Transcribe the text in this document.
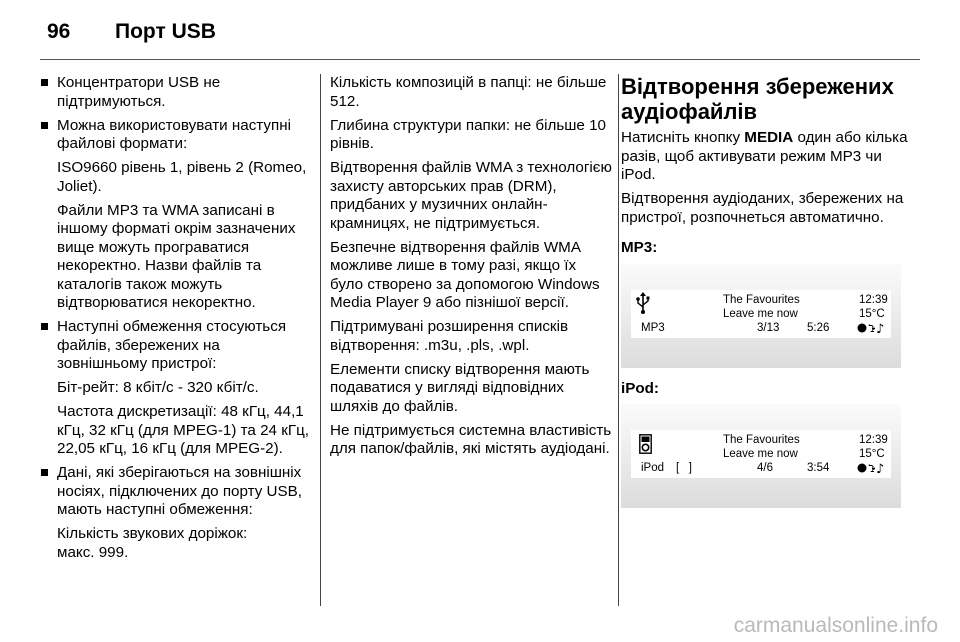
96 Порт USB
Концентратори USB не підтримуються.
Можна використовувати наступні файлові формати:

ISO9660 рівень 1, рівень 2 (Romeo, Joliet).

Файли MP3 та WMA записані в іншому форматі окрім зазначених вище можуть програватися некоректно. Назви файлів та каталогів також можуть відтворюватися некоректно.

Наступні обмеження стосуються файлів, збережених на зовнішньому пристрої:

Біт-рейт: 8 кбіт/с - 320 кбіт/с.

Частота дискретизації: 48 кГц, 44,1 кГц, 32 кГц (для MPEG-1) та 24 кГц, 22,05 кГц, 16 кГц (для MPEG-2).

Дані, які зберігаються на зовнішніх носіях, підключених до порту USB, мають наступні обмеження:

Кількість звукових доріжок:
макс. 999.

Кількість композицій в папці: не більше 512.

Глибина структури папки: не більше 10 рівнів.

Відтворення файлів WMA з технологією захисту авторських прав (DRM), придбаних у музичних онлайн-крамницях, не підтримується.

Безпечне відтворення файлів WMA можливе лише в тому разі, якщо їх було створено за допомогою Windows Media Player 9 або пізнішої версії.

Підтримувані розширення списків
відтворення: .m3u, .pls, .wpl.

Елементи списку відтворення мають подаватися у вигляді відповідних шляхів до файлів.

Не підтримується системна властивість для папок/файлів, які містять аудіодані.

Відтворення збережених аудіофайлів

Натисніть кнопку MEDIA один або кілька разів, щоб активувати режим MP3 чи iPod.

Відтворення аудіоданих, збережених на пристрої, розпочнеться автоматично.

MP3:
The Favourites
Leave me now
12:39
15°C
MP3	3/13 5:26	ꕲ ♪
iPod:
The Favourites
Leave me now
12:39
15°C
iPod [   ]	4/6	3:54	ꕲ ♪
carmanualsonline.info
